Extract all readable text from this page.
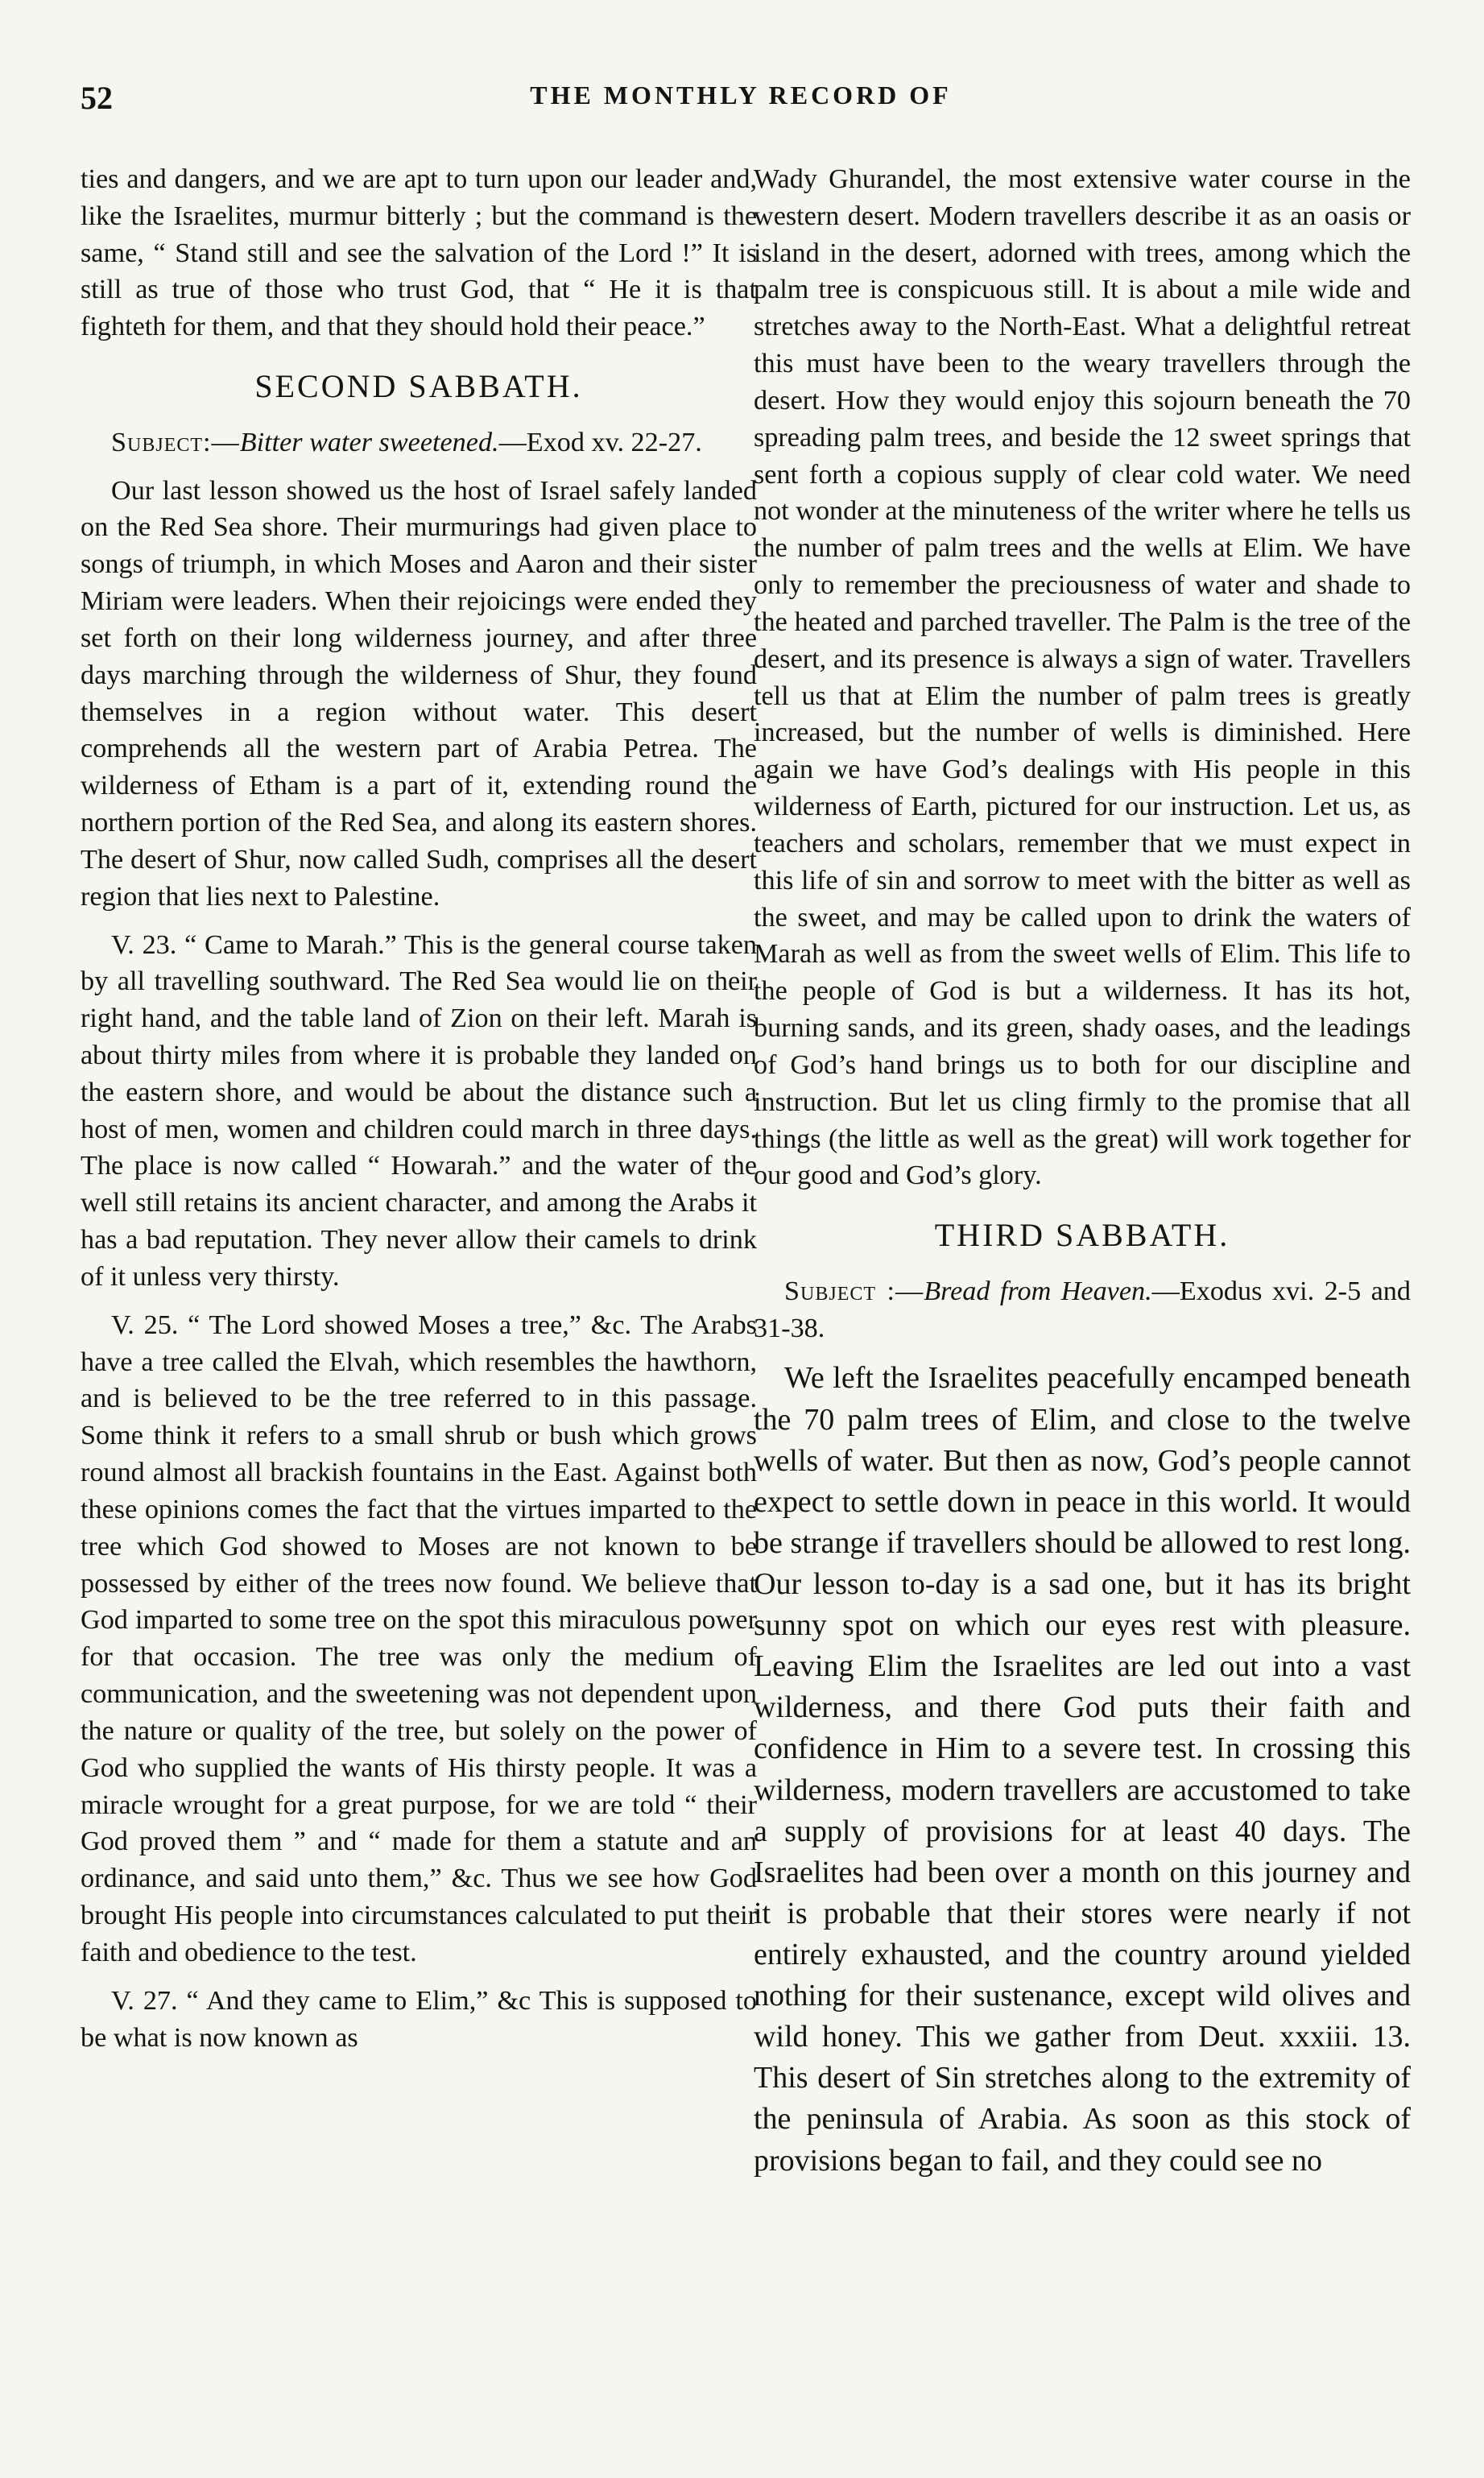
52	THE MONTHLY RECORD OF

ties and dangers, and we are apt to turn upon our leader and, like the Israelites, murmur bitterly ; but the command is the same, “ Stand still and see the salvation of the Lord !” It is still as true of those who trust God, that “ He it is that fighteth for them, and that they should hold their peace.”

SECOND SABBATH.

Subject:—Bitter water sweetened.—Exod xv. 22-27.

Our last lesson showed us the host of Israel safely landed on the Red Sea shore. Their murmurings had given place to songs of triumph, in which Moses and Aaron and their sister Miriam were leaders. When their rejoicings were ended they set forth on their long wilderness journey, and after three days marching through the wilderness of Shur, they found themselves in a region without water. This desert comprehends all the western part of Arabia Petrea. The wilderness of Etham is a part of it, extending round the northern portion of the Red Sea, and along its eastern shores. The desert of Shur, now called Sudh, comprises all the desert region that lies next to Palestine.

V. 23. “ Came to Marah.” This is the general course taken by all travelling southward. The Red Sea would lie on their right hand, and the table land of Zion on their left. Marah is about thirty miles from where it is probable they landed on the eastern shore, and would be about the distance such a host of men, women and children could march in three days. The place is now called “ Howarah.” and the water of the well still retains its ancient character, and among the Arabs it has a bad reputation. They never allow their camels to drink of it unless very thirsty.

V. 25. “ The Lord showed Moses a tree,” &c. The Arabs have a tree called the Elvah, which resembles the hawthorn, and is believed to be the tree referred to in this passage. Some think it refers to a small shrub or bush which grows round almost all brackish fountains in the East. Against both these opinions comes the fact that the virtues imparted to the tree which God showed to Moses are not known to be possessed by either of the trees now found. We believe that God imparted to some tree on the spot this miraculous power for that occasion. The tree was only the medium of communication, and the sweetening was not dependent upon the nature or quality of the tree, but solely on the power of God who supplied the wants of His thirsty people. It was a miracle wrought for a great purpose, for we are told “ their God proved them ” and “ made for them a statute and an ordinance, and said unto them,” &c. Thus we see how God brought His people into circumstances calculated to put their faith and obedience to the test.

V. 27. “ And they came to Elim,” &c This is supposed to be what is now known as

Wady Ghurandel, the most extensive water course in the western desert. Modern travellers describe it as an oasis or island in the desert, adorned with trees, among which the palm tree is conspicuous still. It is about a mile wide and stretches away to the North-East. What a delightful retreat this must have been to the weary travellers through the desert. How they would enjoy this sojourn beneath the 70 spreading palm trees, and beside the 12 sweet springs that sent forth a copious supply of clear cold water. We need not wonder at the minuteness of the writer where he tells us the number of palm trees and the wells at Elim. We have only to remember the preciousness of water and shade to the heated and parched traveller. The Palm is the tree of the desert, and its presence is always a sign of water. Travellers tell us that at Elim the number of palm trees is greatly increased, but the number of wells is diminished. Here again we have God’s dealings with His people in this wilderness of Earth, pictured for our instruction. Let us, as teachers and scholars, remember that we must expect in this life of sin and sorrow to meet with the bitter as well as the sweet, and may be called upon to drink the waters of Marah as well as from the sweet wells of Elim. This life to the people of God is but a wilderness. It has its hot, burning sands, and its green, shady oases, and the leadings of God’s hand brings us to both for our discipline and instruction. But let us cling firmly to the promise that all things (the little as well as the great) will work together for our good and God’s glory.

THIRD SABBATH.

Subject :—Bread from Heaven.—Exodus xvi. 2-5 and 31-38.

We left the Israelites peacefully encamped beneath the 70 palm trees of Elim, and close to the twelve wells of water. But then as now, God’s people cannot expect to settle down in peace in this world. It would be strange if travellers should be allowed to rest long. Our lesson to-day is a sad one, but it has its bright sunny spot on which our eyes rest with pleasure. Leaving Elim the Israelites are led out into a vast wilderness, and there God puts their faith and confidence in Him to a severe test. In crossing this wilderness, modern travellers are accustomed to take a supply of provisions for at least 40 days. The Israelites had been over a month on this journey and it is probable that their stores were nearly if not entirely exhausted, and the country around yielded nothing for their sustenance, except wild olives and wild honey. This we gather from Deut. xxxiii. 13. This desert of Sin stretches along to the extremity of the peninsula of Arabia. As soon as this stock of provisions began to fail, and they could see no
